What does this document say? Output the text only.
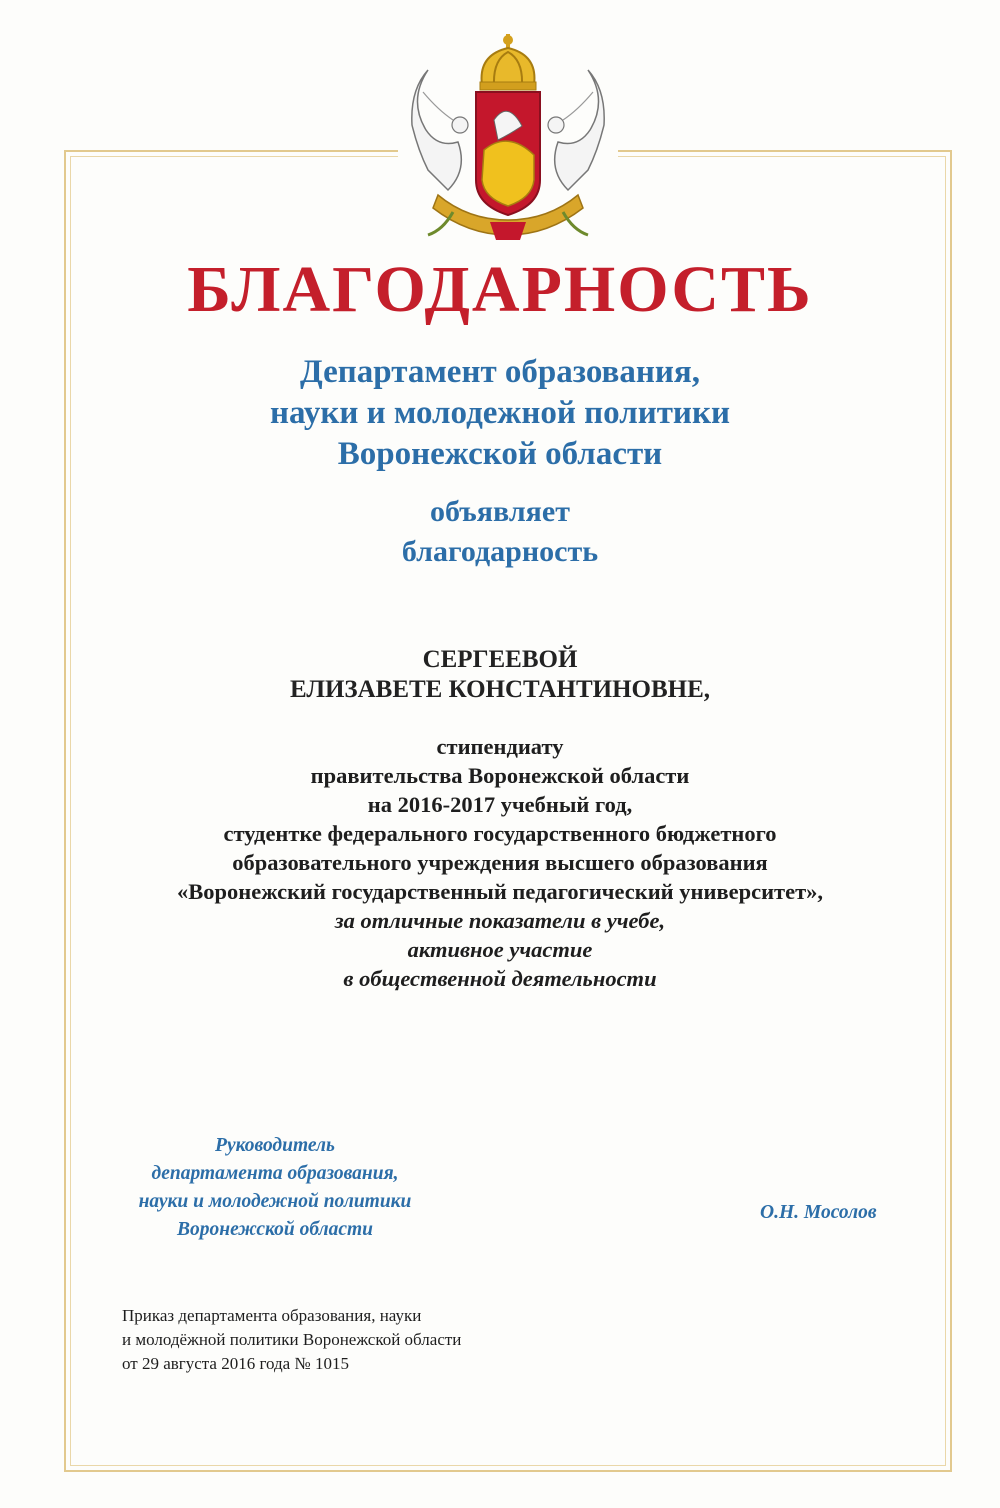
БЛАГОДАРНОСТЬ
Департамент образования,
науки и молодежной политики
Воронежской области
объявляет
благодарность
СЕРГЕЕВОЙ
ЕЛИЗАВЕТЕ КОНСТАНТИНОВНЕ,
стипендиату
правительства Воронежской области
на 2016-2017 учебный год,
студентке федерального государственного бюджетного
образовательного учреждения высшего образования
«Воронежский государственный педагогический университет»,
за отличные показатели в учебе,
активное участие
в общественной деятельности
Руководитель
департамента образования,
науки и молодежной политики
Воронежской области
О.Н. Мосолов
Приказ департамента образования, науки
и молодёжной политики Воронежской области
от 29 августа 2016 года № 1015
